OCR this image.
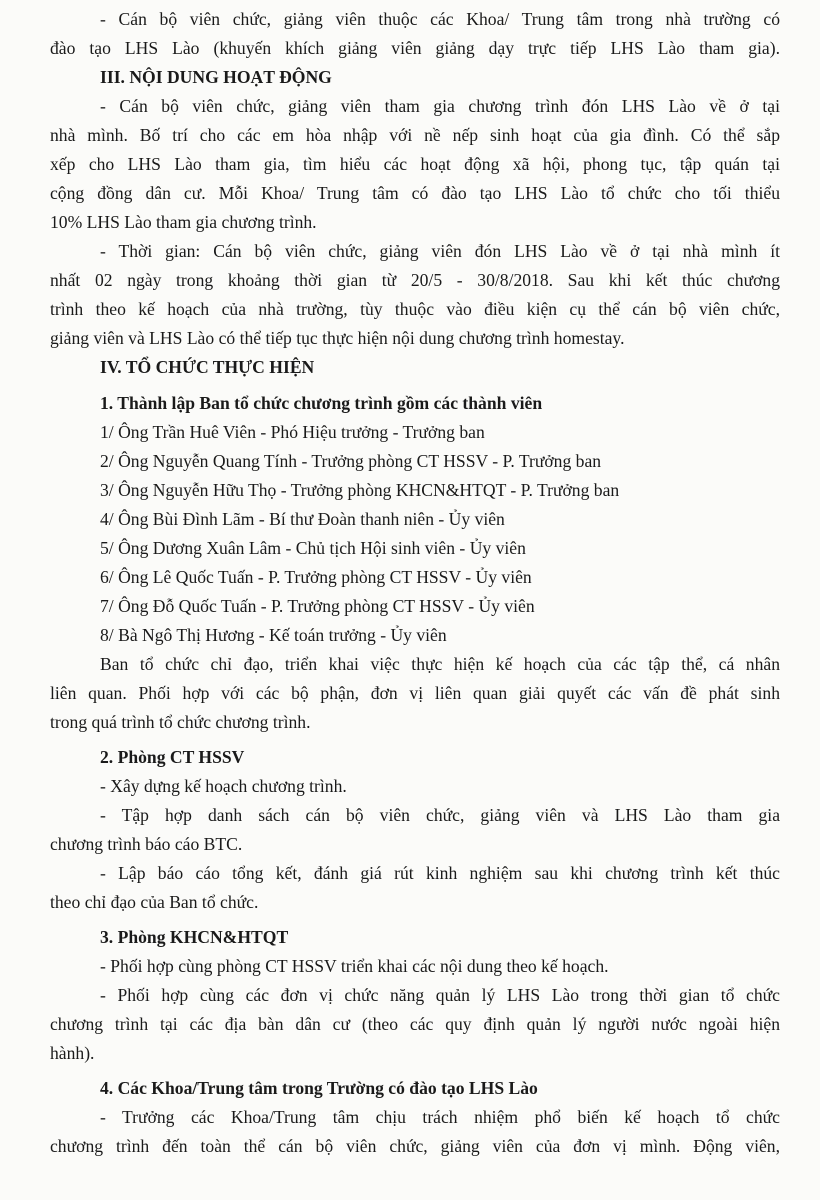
- Cán bộ viên chức, giảng viên thuộc các Khoa/ Trung tâm trong nhà trường có
đào tạo LHS Lào (khuyến khích giảng viên giảng dạy trực tiếp LHS Lào tham gia).
III. NỘI DUNG HOẠT ĐỘNG
- Cán bộ viên chức, giảng viên tham gia chương trình đón LHS Lào về ở tại
nhà mình. Bố trí cho các em hòa nhập với nề nếp sinh hoạt của gia đình. Có thể sắp
xếp cho LHS Lào tham gia, tìm hiểu các hoạt động xã hội, phong tục, tập quán tại
cộng đồng dân cư. Mỗi Khoa/ Trung tâm có đào tạo LHS Lào tổ chức cho tối thiểu
10% LHS Lào tham gia chương trình.
- Thời gian: Cán bộ viên chức, giảng viên đón LHS Lào về ở tại nhà mình ít
nhất 02 ngày trong khoảng thời gian từ 20/5 - 30/8/2018. Sau khi kết thúc chương
trình theo kế hoạch của nhà trường, tùy thuộc vào điều kiện cụ thể cán bộ viên chức,
giảng viên và LHS Lào có thể tiếp tục thực hiện nội dung chương trình homestay.
IV. TỔ CHỨC THỰC HIỆN
1. Thành lập Ban tổ chức chương trình gồm các thành viên
1/ Ông Trần Huê Viên - Phó Hiệu trưởng - Trưởng ban
2/ Ông Nguyễn Quang Tính - Trưởng phòng CT HSSV - P. Trưởng ban
3/ Ông Nguyễn Hữu Thọ - Trưởng phòng KHCN&HTQT - P. Trưởng ban
4/ Ông Bùi Đình Lãm - Bí thư Đoàn thanh niên - Ủy viên
5/ Ông Dương Xuân Lâm - Chủ tịch Hội sinh viên - Ủy viên
6/ Ông Lê Quốc Tuấn - P. Trưởng phòng CT HSSV - Ủy viên
7/ Ông Đỗ Quốc Tuấn - P. Trưởng phòng CT HSSV - Ủy viên
8/ Bà Ngô Thị Hương - Kế toán trưởng - Ủy viên
Ban tổ chức chỉ đạo, triển khai việc thực hiện kế hoạch của các tập thể, cá nhân
liên quan. Phối hợp với các bộ phận, đơn vị liên quan giải quyết các vấn đề phát sinh
trong quá trình tổ chức chương trình.
2. Phòng CT HSSV
- Xây dựng kế hoạch chương trình.
- Tập hợp danh sách cán bộ viên chức, giảng viên và LHS Lào tham gia
chương trình báo cáo BTC.
- Lập báo cáo tổng kết, đánh giá rút kinh nghiệm sau khi chương trình kết thúc
theo chỉ đạo của Ban tổ chức.
3. Phòng KHCN&HTQT
- Phối hợp cùng phòng CT HSSV triển khai các nội dung theo kế hoạch.
- Phối hợp cùng các đơn vị chức năng quản lý LHS Lào trong thời gian tổ chức
chương trình tại các địa bàn dân cư (theo các quy định quản lý người nước ngoài hiện
hành).
4. Các Khoa/Trung tâm trong Trường có đào tạo LHS Lào
- Trưởng các Khoa/Trung tâm chịu trách nhiệm phổ biến kế hoạch tổ chức
chương trình đến toàn thể cán bộ viên chức, giảng viên của đơn vị mình. Động viên,
